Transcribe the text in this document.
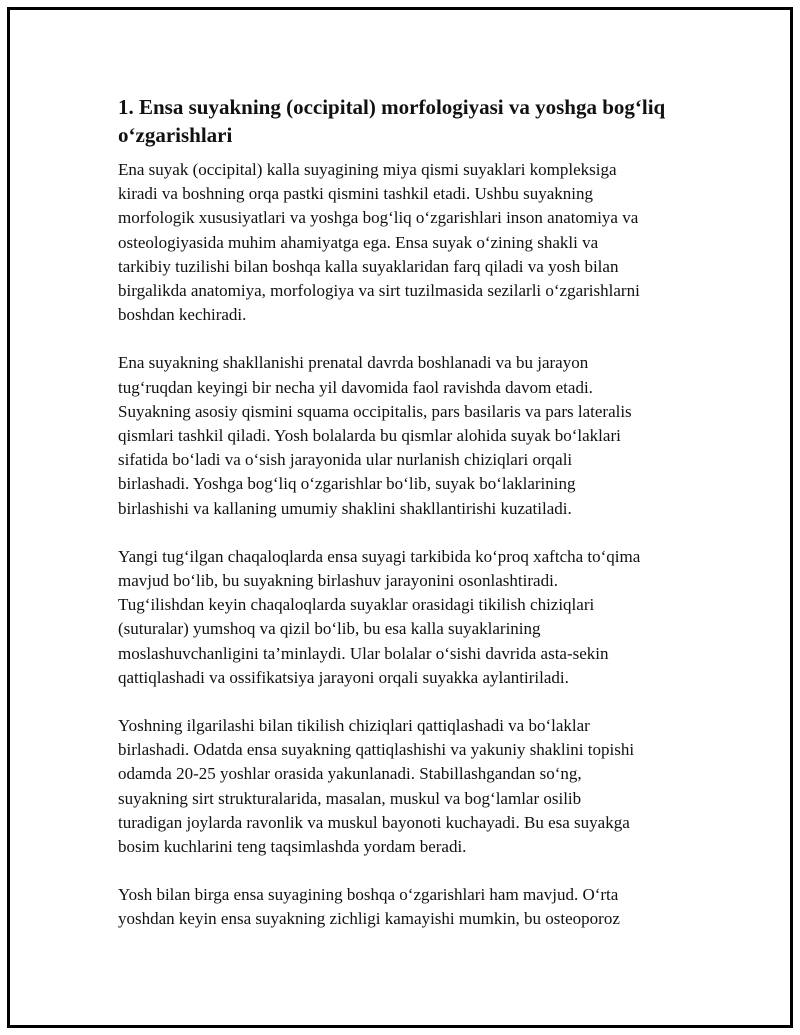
1. Ensa suyakning (occipital) morfologiyasi va yoshga bog‘liq
o‘zgarishlari

Ena suyak (occipital) kalla suyagining miya qismi suyaklari kompleksiga
kiradi va boshning orqa pastki qismini tashkil etadi. Ushbu suyakning
morfologik xususiyatlari va yoshga bog‘liq o‘zgarishlari inson anatomiya va
osteologiyasida muhim ahamiyatga ega. Ensa suyak o‘zining shakli va
tarkibiy tuzilishi bilan boshqa kalla suyaklaridan farq qiladi va yosh bilan
birgalikda anatomiya, morfologiya va sirt tuzilmasida sezilarli o‘zgarishlarni
boshdan kechiradi.

Ena suyakning shakllanishi prenatal davrda boshlanadi va bu jarayon
tug‘ruqdan keyingi bir necha yil davomida faol ravishda davom etadi.
Suyakning asosiy qismini squama occipitalis, pars basilaris va pars lateralis
qismlari tashkil qiladi. Yosh bolalarda bu qismlar alohida suyak bo‘laklari
sifatida bo‘ladi va o‘sish jarayonida ular nurlanish chiziqlari orqali
birlashadi. Yoshga bog‘liq o‘zgarishlar bo‘lib, suyak bo‘laklarining
birlashishi va kallaning umumiy shaklini shakllantirishi kuzatiladi.

Yangi tug‘ilgan chaqaloqlarda ensa suyagi tarkibida ko‘proq xaftcha to‘qima
mavjud bo‘lib, bu suyakning birlashuv jarayonini osonlashtiradi.
Tug‘ilishdan keyin chaqaloqlarda suyaklar orasidagi tikilish chiziqlari
(suturalar) yumshoq va qizil bo‘lib, bu esa kalla suyaklarining
moslashuvchanligini ta’minlaydi. Ular bolalar o‘sishi davrida asta-sekin
qattiqlashadi va ossifikatsiya jarayoni orqali suyakka aylantiriladi.

Yoshning ilgarilashi bilan tikilish chiziqlari qattiqlashadi va bo‘laklar
birlashadi. Odatda ensa suyakning qattiqlashishi va yakuniy shaklini topishi
odamda 20-25 yoshlar orasida yakunlanadi. Stabillashgandan so‘ng,
suyakning sirt strukturalarida, masalan, muskul va bog‘lamlar osilib
turadigan joylarda ravonlik va muskul bayonoti kuchayadi. Bu esa suyakga
bosim kuchlarini teng taqsimlashda yordam beradi.

Yosh bilan birga ensa suyagining boshqa o‘zgarishlari ham mavjud. O‘rta
yoshdan keyin ensa suyakning zichligi kamayishi mumkin, bu osteoporoz
